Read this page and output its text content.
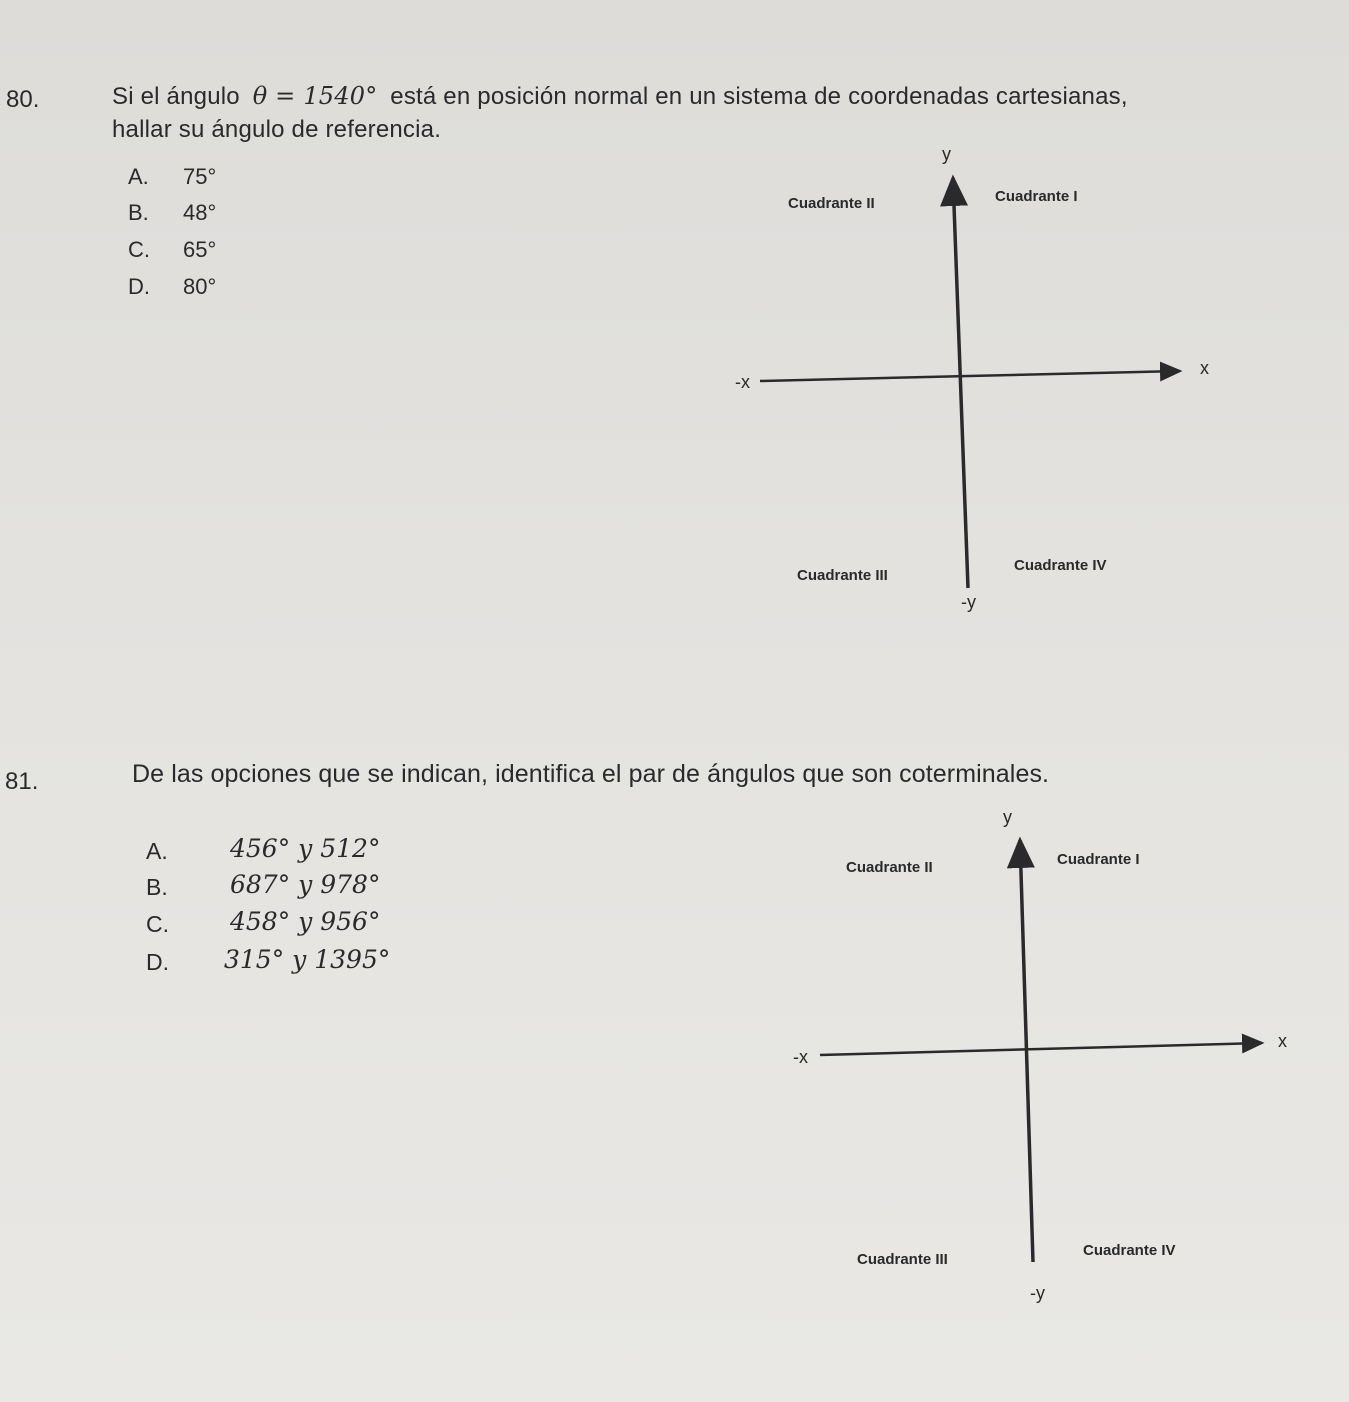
80.	Si el ángulo θ = 1540° está en posición normal en un sistema de coordenadas cartesianas,
hallar su ángulo de referencia.
A. 75°
B. 48°
C. 65°
D. 80°
y
Cuadrante II	Cuadrante I
x
-x
Cuadrante III
Cuadrante IV
-y
81.	De las opciones que se indican, identifica el par de ángulos que son coterminales.
A. 456° y 512°
B. 687° y 978°
C. 458° y 956°
D. 315° y 1395°
y
Cuadrante II	Cuadrante I
x
-x
Cuadrante III
Cuadrante IV
-y
